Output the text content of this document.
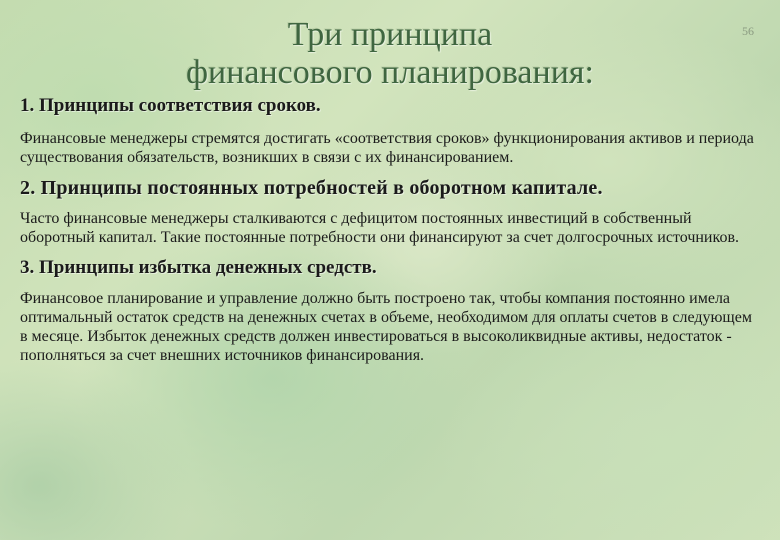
56
Три принципа
финансового планирования:
1. Принципы соответствия сроков.

Финансовые менеджеры стремятся достигать «соответствия сроков» функционирования активов и периода существования обязательств, возникших в связи с их финансированием.

2. Принципы постоянных потребностей в оборотном капитале.

Часто финансовые менеджеры сталкиваются с дефицитом постоянных инвестиций в собственный оборотный капитал. Такие постоянные потребности они финансируют за счет долгосрочных источников.

3. Принципы избытка денежных средств.

Финансовое планирование и управление должно быть построено так, чтобы компания постоянно имела оптимальный остаток средств на денежных счетах в объеме, необходимом для оплаты счетов в следующем в месяце. Избыток денежных средств должен инвестироваться в высоколиквидные активы, недостаток - пополняться за счет внешних источников финансирования.
